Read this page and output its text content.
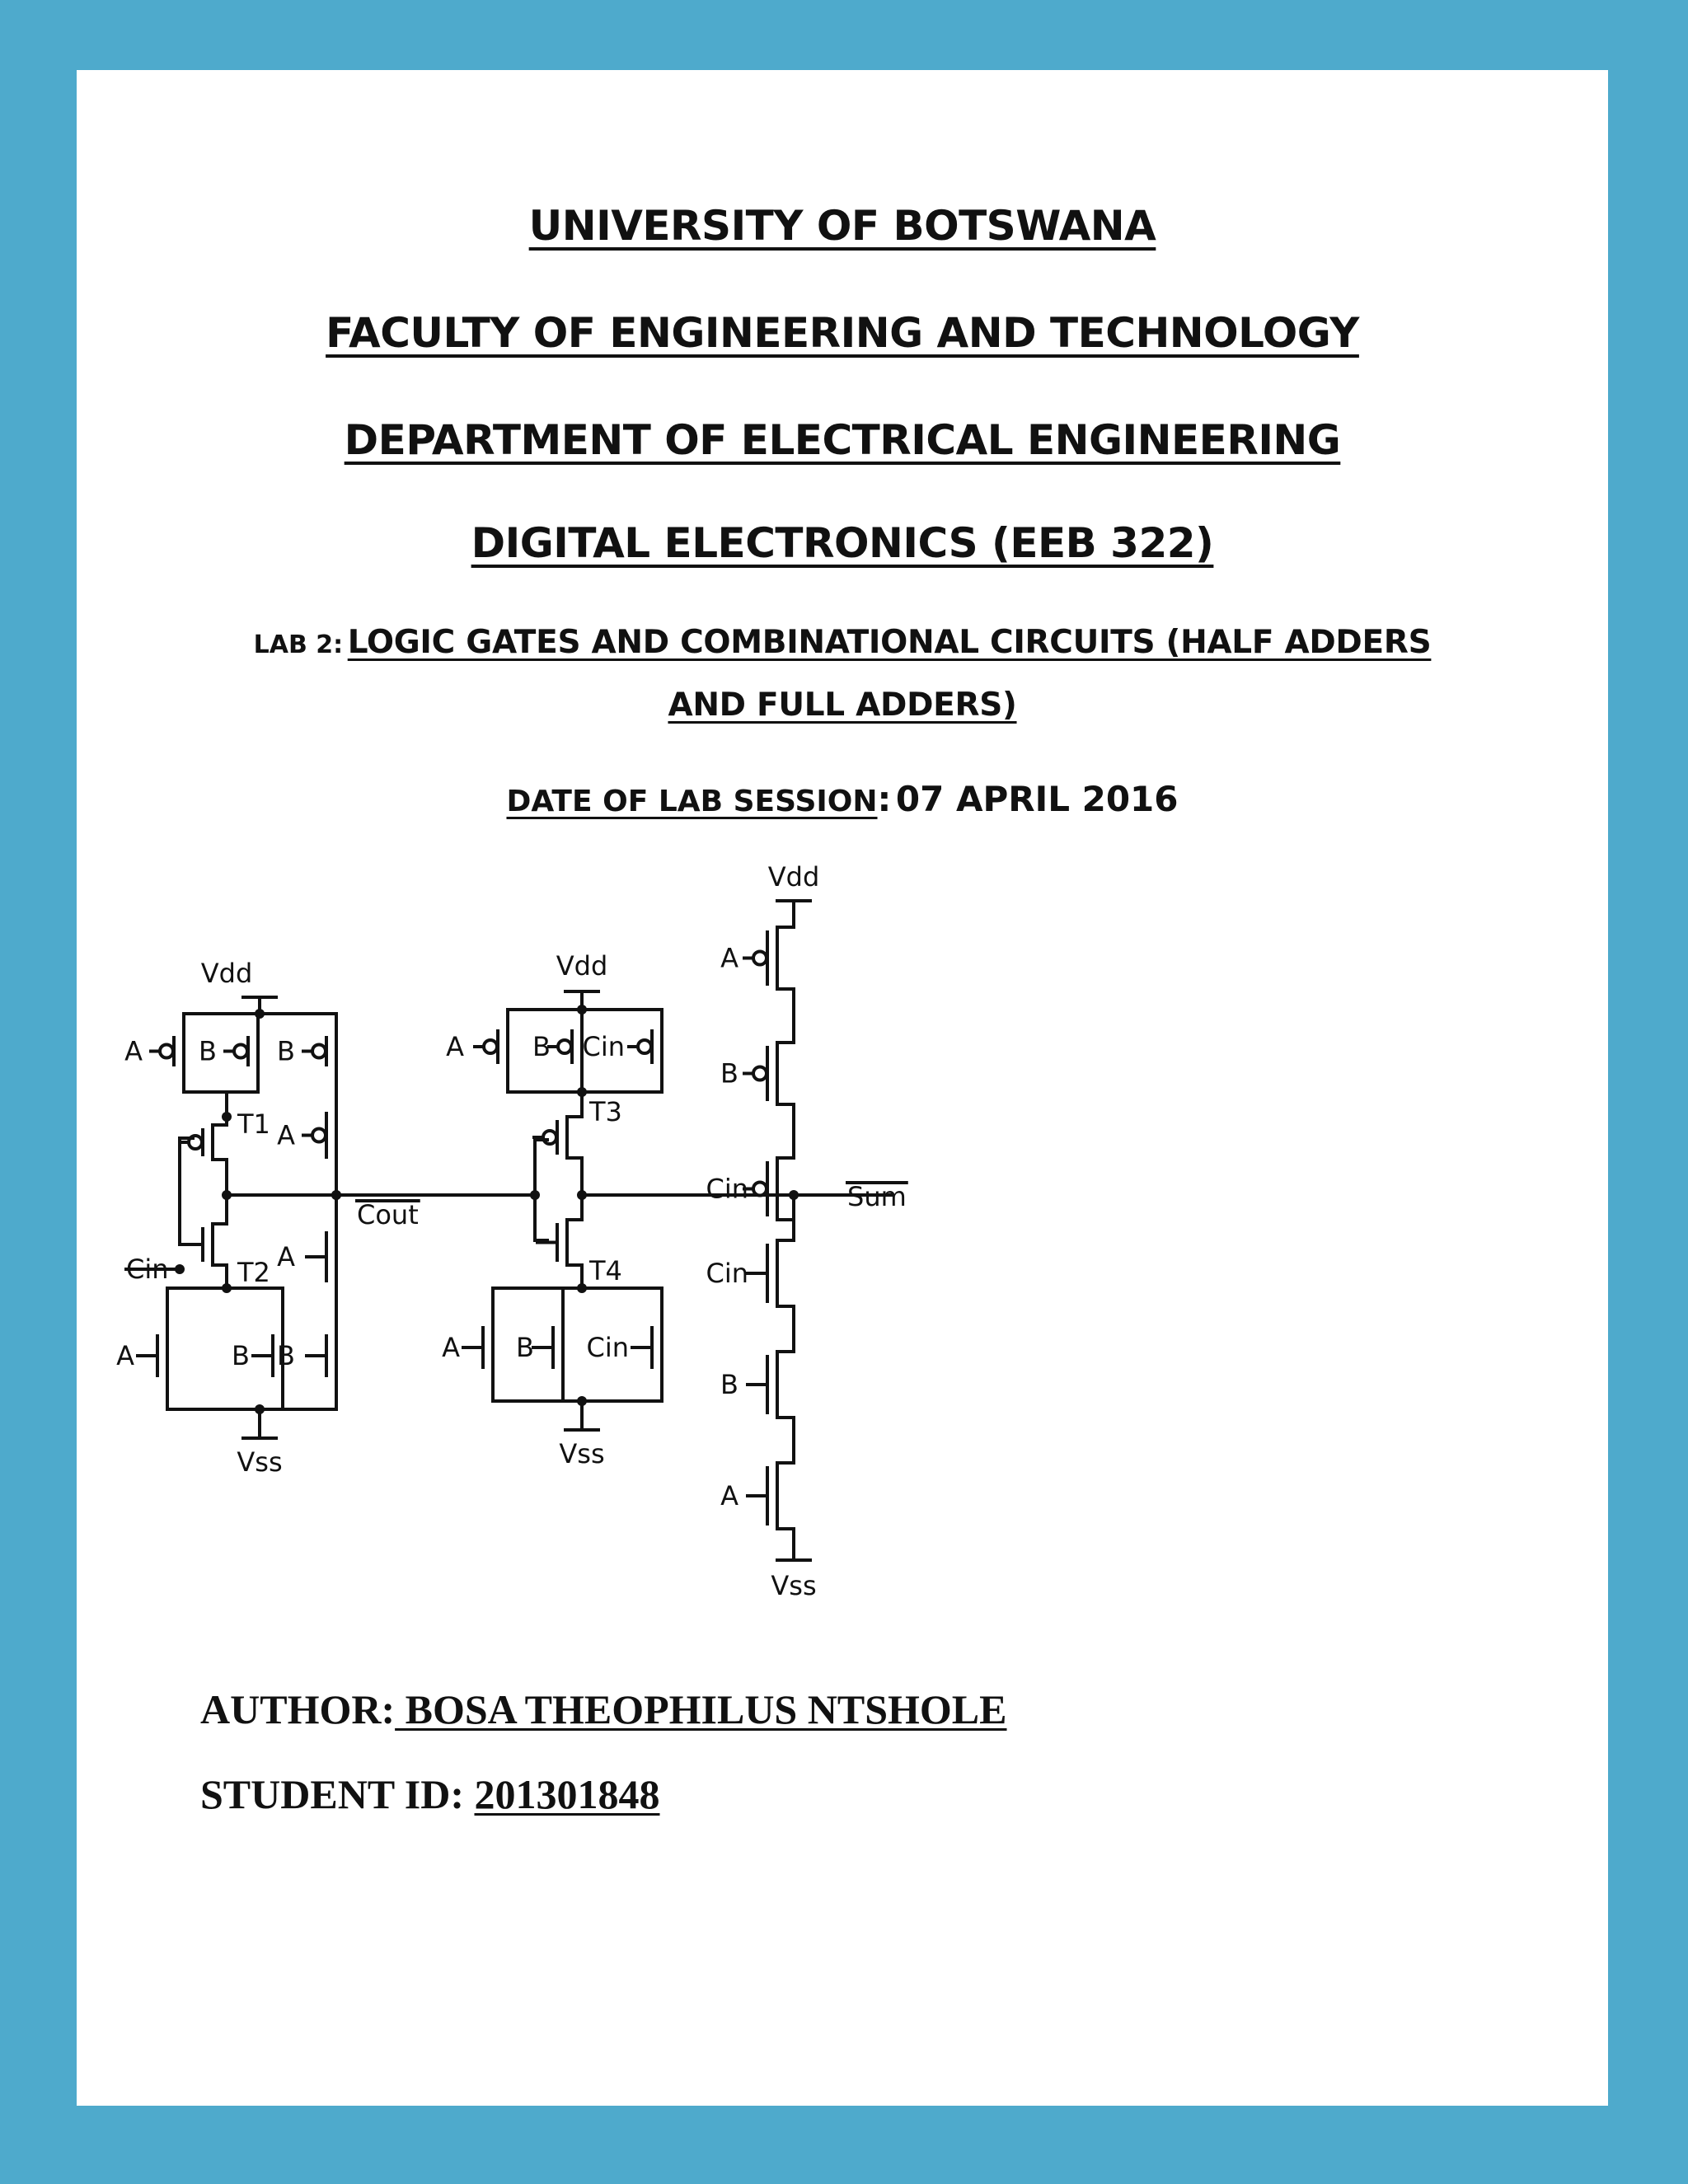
UNIVERSITY OF BOTSWANA
FACULTY OF ENGINEERING AND TECHNOLOGY
DEPARTMENT OF ELECTRICAL ENGINEERING
DIGITAL ELECTRONICS (EEB 322)
LAB 2: LOGIC GATES AND COMBINATIONAL CIRCUITS (HALF ADDERS
AND FULL ADDERS)
DATE OF LAB SESSION: 07 APRIL 2016
Vdd
A B
T1
T2
Cin
A	B
Vss
B
A
A
B
Cout
Vdd
A	B Cin
T3
T4
A B Cin
Vss
Vdd
A
B
Cin	Sum
Cin
B
A
Vss
AUTHOR: BOSA THEOPHILUS NTSHOLE
STUDENT ID: 201301848
